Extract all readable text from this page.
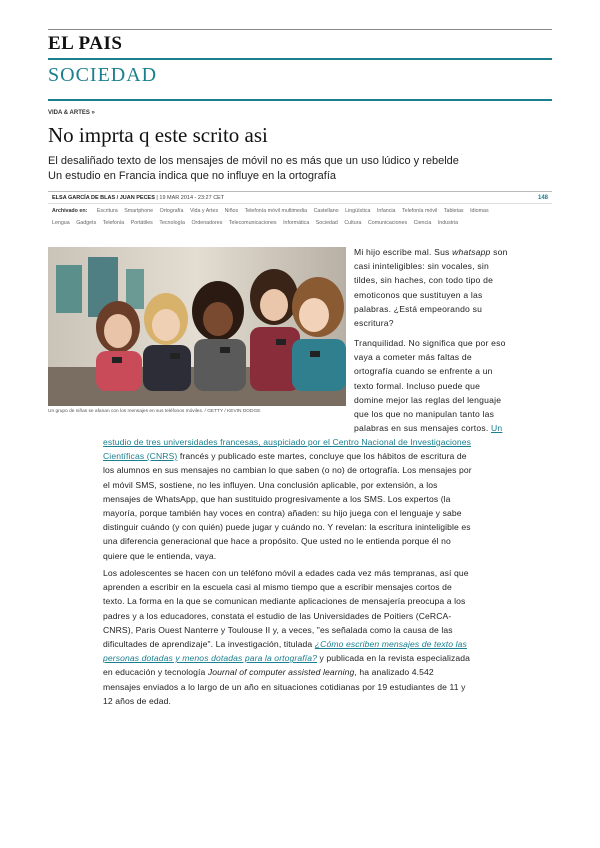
EL PAIS
SOCIEDAD
VIDA & ARTES »
No imprta q este scrito asi
El desaliñado texto de los mensajes de móvil no es más que un uso lúdico y rebelde
Un estudio en Francia indica que no influye en la ortografía
ELSA GARCÍA DE BLAS / JUAN PECES | 19 MAR 2014 - 23:27 CET	148
Archivado en: Escritura Smartphone Ortografía Vida y Artes Niños Telefonía móvil multimedia Castellano Lingüística Infancia Telefonía móvil Tabletas Idiomas
Lengua Gadgets Telefonía Portátiles Tecnología Ordenadores Telecomunicaciones Informática Sociedad Cultura Comunicaciones Ciencia Industria
Un grupo de niñas se afanan con los mensajes en sus teléfonos móviles. / GETTY / KEVIN DODGE
Mi hijo escribe mal. Sus whatsapp son
casi ininteligibles: sin vocales, sin
tildes, sin haches, con todo tipo de
emoticonos que sustituyen a las
palabras. ¿Está empeorando su
escritura?
Tranquilidad. No significa que por eso
vaya a cometer más faltas de
ortografía cuando se enfrente a un
texto formal. Incluso puede que
domine mejor las reglas del lenguaje
que los que no manipulan tanto las
palabras en sus mensajes cortos. Un
estudio de tres universidades francesas, auspiciado por el Centro Nacional de Investigaciones
Científicas (CNRS) francés y publicado este martes, concluye que los hábitos de escritura de
los alumnos en sus mensajes no cambian lo que saben (o no) de ortografía. Los mensajes por
el móvil SMS, sostiene, no les influyen. Una conclusión aplicable, por extensión, a los
mensajes de WhatsApp, que han sustituido progresivamente a los SMS. Los expertos (la
mayoría, porque también hay voces en contra) añaden: su hijo juega con el lenguaje y sabe
distinguir cuándo (y con quién) puede jugar y cuándo no. Y revelan: la escritura ininteligible es
una diferencia generacional que hace a propósito. Que usted no le entienda porque él no
quiere que le entienda, vaya.
Los adolescentes se hacen con un teléfono móvil a edades cada vez más tempranas, así que
aprenden a escribir en la escuela casi al mismo tiempo que a escribir mensajes cortos de
texto. La forma en la que se comunican mediante aplicaciones de mensajería preocupa a los
padres y a los educadores, constata el estudio de las Universidades de Poitiers (CeRCA-
CNRS), Paris Ouest Nanterre y Toulouse II y, a veces, "es señalada como la causa de las
dificultades de aprendizaje". La investigación, titulada ¿Cómo escriben mensajes de texto las
personas dotadas y menos dotadas para la ortografía? y publicada en la revista especializada
en educación y tecnología Journal of computer assisted learning, ha analizado 4.542
mensajes enviados a lo largo de un año en situaciones cotidianas por 19 estudiantes de 11 y
12 años de edad.
